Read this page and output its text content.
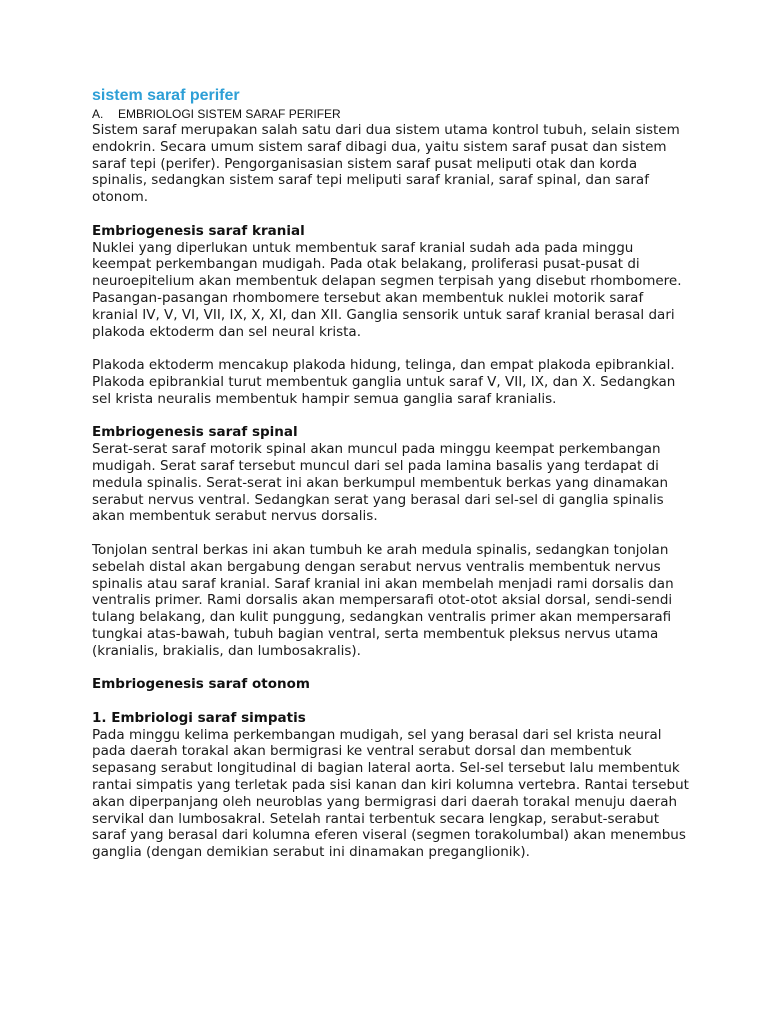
sistem saraf perifer
A. EMBRIOLOGI SISTEM SARAF PERIFER

Sistem saraf merupakan salah satu dari dua sistem utama kontrol tubuh, selain sistem endokrin. Secara umum sistem saraf dibagi dua, yaitu sistem saraf pusat dan sistem saraf tepi (perifer). Pengorganisasian sistem saraf pusat meliputi otak dan korda spinalis, sedangkan sistem saraf tepi meliputi saraf kranial, saraf spinal, dan saraf otonom.

Embriogenesis saraf kranial

Nuklei yang diperlukan untuk membentuk saraf kranial sudah ada pada minggu keempat perkembangan mudigah. Pada otak belakang, proliferasi pusat-pusat di neuroepitelium akan membentuk delapan segmen terpisah yang disebut rhombomere. Pasangan-pasangan rhombomere tersebut akan membentuk nuklei motorik saraf kranial IV, V, VI, VII, IX, X, XI, dan XII. Ganglia sensorik untuk saraf kranial berasal dari plakoda ektoderm dan sel neural krista.

Plakoda ektoderm mencakup plakoda hidung, telinga, dan empat plakoda epibrankial. Plakoda epibrankial turut membentuk ganglia untuk saraf V, VII, IX, dan X. Sedangkan sel krista neuralis membentuk hampir semua ganglia saraf kranialis.

Embriogenesis saraf spinal

Serat-serat saraf motorik spinal akan muncul pada minggu keempat perkembangan mudigah. Serat saraf tersebut muncul dari sel pada lamina basalis yang terdapat di medula spinalis. Serat-serat ini akan berkumpul membentuk berkas yang dinamakan serabut nervus ventral. Sedangkan serat yang berasal dari sel-sel di ganglia spinalis akan membentuk serabut nervus dorsalis.

Tonjolan sentral berkas ini akan tumbuh ke arah medula spinalis, sedangkan tonjolan sebelah distal akan bergabung dengan serabut nervus ventralis membentuk nervus spinalis atau saraf kranial. Saraf kranial ini akan membelah menjadi rami dorsalis dan ventralis primer. Rami dorsalis akan mempersarafi otot-otot aksial dorsal, sendi-sendi tulang belakang, dan kulit punggung, sedangkan ventralis primer akan mempersarafi tungkai atas-bawah, tubuh bagian ventral, serta membentuk pleksus nervus utama (kranialis, brakialis, dan lumbosakralis).

Embriogenesis saraf otonom

1. Embriologi saraf simpatis

Pada minggu kelima perkembangan mudigah, sel yang berasal dari sel krista neural pada daerah torakal akan bermigrasi ke ventral serabut dorsal dan membentuk sepasang serabut longitudinal di bagian lateral aorta. Sel-sel tersebut lalu membentuk rantai simpatis yang terletak pada sisi kanan dan kiri kolumna vertebra. Rantai tersebut akan diperpanjang oleh neuroblas yang bermigrasi dari daerah torakal menuju daerah servikal dan lumbosakral. Setelah rantai terbentuk secara lengkap, serabut-serabut saraf yang berasal dari kolumna eferen viseral (segmen torakolumbal) akan menembus ganglia (dengan demikian serabut ini dinamakan preganglionik).
